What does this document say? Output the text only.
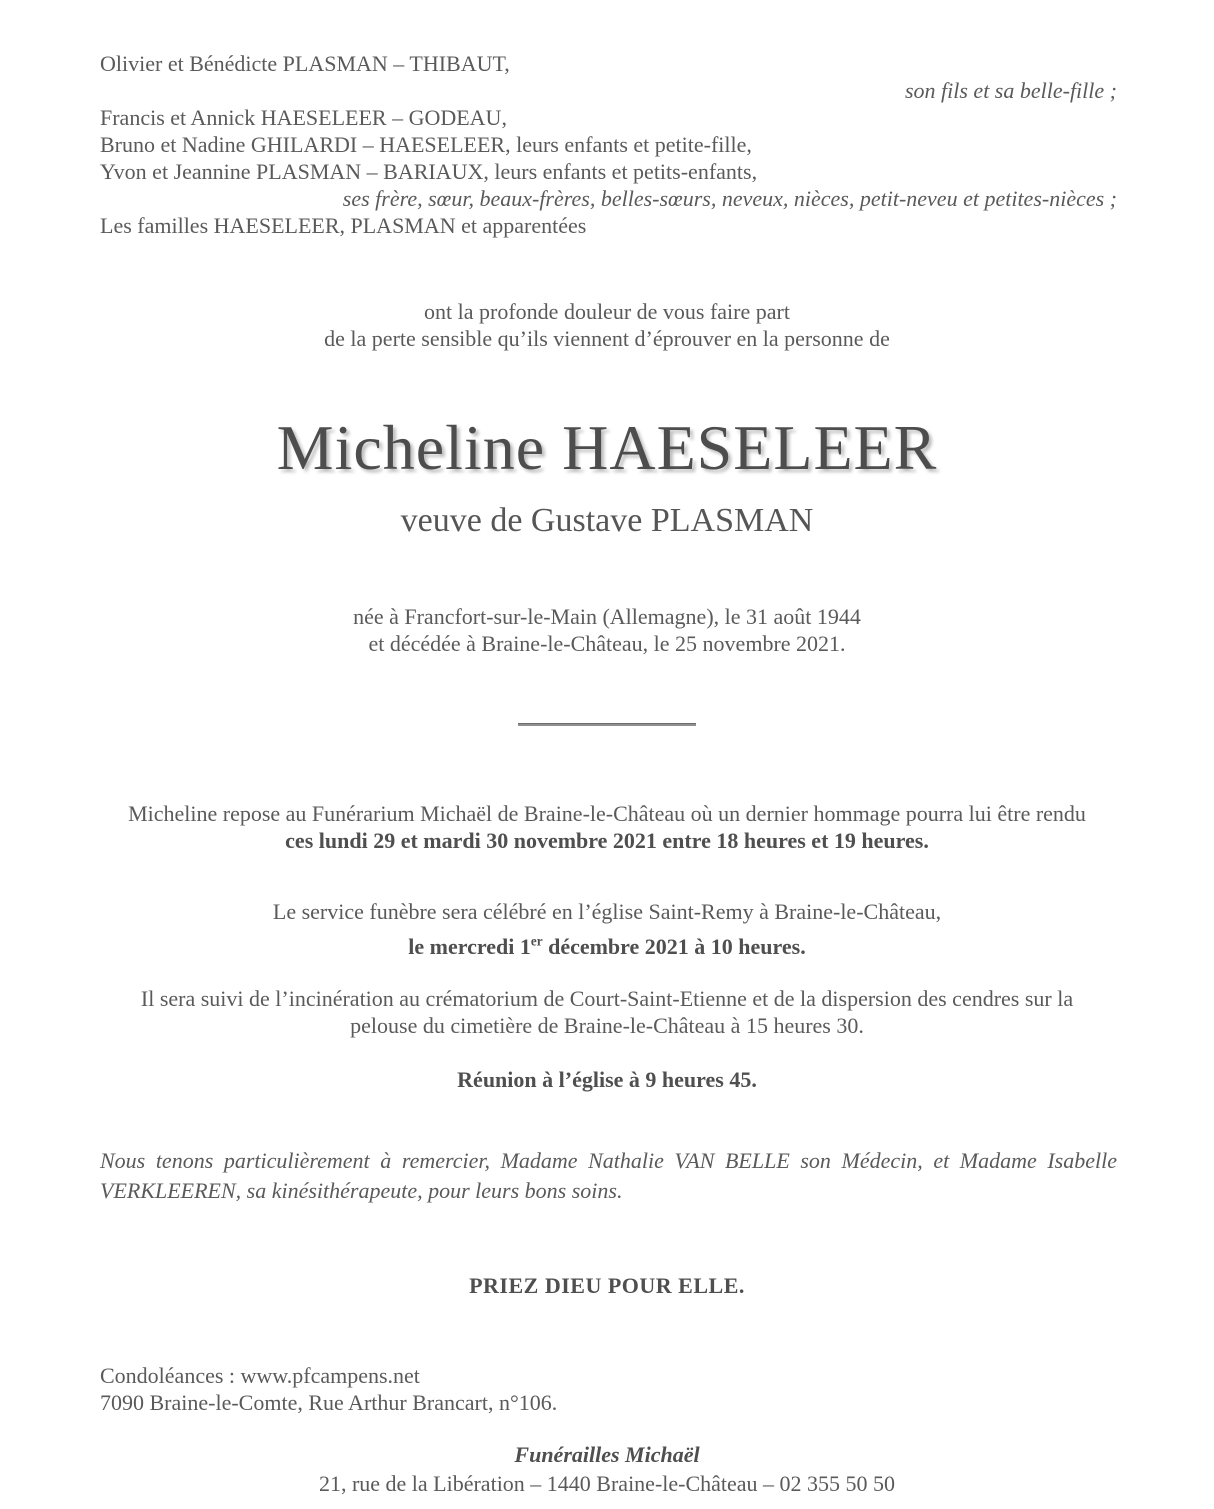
Olivier et Bénédicte PLASMAN – THIBAUT,
son fils et sa belle-fille ;
Francis et Annick HAESELEER – GODEAU,
Bruno et Nadine GHILARDI – HAESELEER, leurs enfants et petite-fille,
Yvon et Jeannine PLASMAN – BARIAUX, leurs enfants et petits-enfants,
ses frère, sœur, beaux-frères, belles-sœurs, neveux, nièces, petit-neveu et petites-nièces ;
Les familles HAESELEER, PLASMAN et apparentées
ont la profonde douleur de vous faire part
de la perte sensible qu’ils viennent d’éprouver en la personne de
Micheline HAESELEER
veuve de Gustave PLASMAN
née à Francfort-sur-le-Main (Allemagne), le 31 août 1944
et décédée à Braine-le-Château, le 25 novembre 2021.
Micheline repose au Funérarium Michaël de Braine-le-Château où un dernier hommage pourra lui être rendu
ces lundi 29 et mardi 30 novembre 2021 entre 18 heures et 19 heures.
Le service funèbre sera célébré en l’église Saint-Remy à Braine-le-Château,
le mercredi 1er décembre 2021 à 10 heures.
Il sera suivi de l’incinération au crématorium de Court-Saint-Etienne et de la dispersion des cendres sur la
pelouse du cimetière de Braine-le-Château à 15 heures 30.
Réunion à l’église à 9 heures 45.
Nous tenons particulièrement à remercier, Madame Nathalie VAN BELLE son Médecin, et Madame Isabelle
VERKLEEREN, sa kinésithérapeute, pour leurs bons soins.
PRIEZ DIEU POUR ELLE.
Condoléances : www.pfcampens.net
7090 Braine-le-Comte, Rue Arthur Brancart, n°106.
Funérailles Michaël
21, rue de la Libération – 1440 Braine-le-Château – 02 355 50 50
